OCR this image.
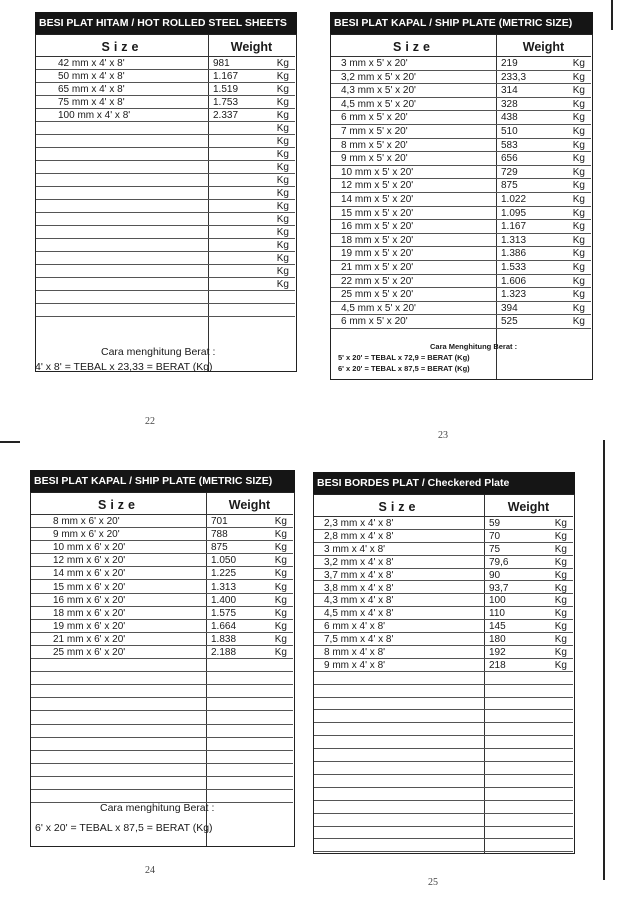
BESI PLAT HITAM / HOT ROLLED STEEL SHEETS
Size	Weight
42 mm x 4' x 8'	981	Kg
50 mm x 4' x 8'	1.167	Kg
65 mm x 4' x 8'	1.519	Kg
75 mm x 4' x 8'	1.753	Kg
100 mm x 4' x 8'	2.337	Kg
Kg
Kg
Kg
Kg
Kg
Kg
Kg
Kg
Kg
Kg
Kg
Kg
Kg
Cara menghitung Berat :
4' x 8' = TEBAL x 23,33 = BERAT (Kg)
22
BESI PLAT KAPAL / SHIP PLATE (METRIC SIZE)
Size	Weight
3 mm x 5' x 20'	219	Kg
3,2 mm x 5' x 20'	233,3	Kg
4,3 mm x 5' x 20'	314	Kg
4,5 mm x 5' x 20'	328	Kg
6 mm x 5' x 20'	438	Kg
7 mm x 5' x 20'	510	Kg
8 mm x 5' x 20'	583	Kg
9 mm x 5' x 20'	656	Kg
10 mm x 5' x 20'	729	Kg
12 mm x 5' x 20'	875	Kg
14 mm x 5' x 20'	1.022	Kg
15 mm x 5' x 20'	1.095	Kg
16 mm x 5' x 20'	1.167	Kg
18 mm x 5' x 20'	1.313	Kg
19 mm x 5' x 20'	1.386	Kg
21 mm x 5' x 20'	1.533	Kg
22 mm x 5' x 20'	1.606	Kg
25 mm x 5' x 20'	1.323	Kg
4,5 mm x 5' x 20'	394	Kg
6 mm x 5' x 20'	525	Kg
Cara Menghitung Berat :
5' x 20' = TEBAL x 72,9 = BERAT (Kg)
6' x 20' = TEBAL x 87,5 = BERAT (Kg)
23
BESI PLAT KAPAL / SHIP PLATE (METRIC SIZE)
Size	Weight
8 mm x 6' x 20'	701	Kg
9 mm x 6' x 20'	788	Kg
10 mm x 6' x 20'	875	Kg
12 mm x 6' x 20'	1.050	Kg
14 mm x 6' x 20'	1.225	Kg
15 mm x 6' x 20'	1.313	Kg
16 mm x 6' x 20'	1.400	Kg
18 mm x 6' x 20'	1.575	Kg
19 mm x 6' x 20'	1.664	Kg
21 mm x 6' x 20'	1.838	Kg
25 mm x 6' x 20'	2.188	Kg
Cara menghitung Berat :
6' x 20' = TEBAL x 87,5 = BERAT (Kg)
24
BESI BORDES PLAT / Checkered Plate
Size	Weight
2,3 mm x 4' x 8'	59	Kg
2,8 mm x 4' x 8'	70	Kg
3 mm x 4' x 8'	75	Kg
3,2 mm x 4' x 8'	79,6	Kg
3,7 mm x 4' x 8'	90	Kg
3,8 mm x 4' x 8'	93,7	Kg
4,3 mm x 4' x 8'	100	Kg
4,5 mm x 4' x 8'	110	Kg
6 mm x 4' x 8'	145	Kg
7,5 mm x 4' x 8'	180	Kg
8 mm x 4' x 8'	192	Kg
9 mm x 4' x 8'	218	Kg
25
